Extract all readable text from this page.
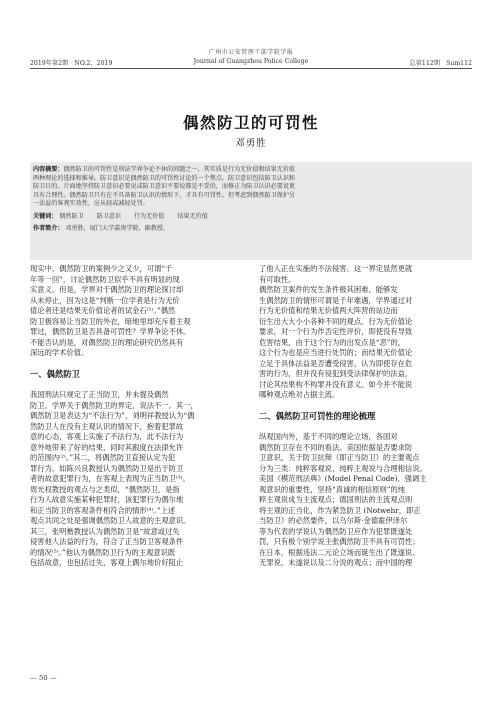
广州市公安管理干部学院学报
2019年第2期　NO.2，2019	Journal of Guangzhou Police College	总第112期　Sum112
偶然防卫的可罚性
邓勇胜
内容摘要：偶然防卫的可罚性是刑法学界争论不休的问题之一，其实质是行为无价值和结果无价值
两种理论的选择和推导。防卫意识是偶然防卫的可罚性讨论的一个焦点。防卫意识包括防卫认识和
防卫目的。片面地坚持防卫意识必要说或防卫意识不要说都是不妥的，而修正为防卫认识必要说更
具有合理性。偶然防卫只有在不具备防卫认识的情形下，才具有可罚性。但考虑到偶然防卫保护另
一法益的客观实效性，应从轻或减轻处罚。
关键词： 偶然防卫 防卫意识 行为无价值 结果无价值
作者简介： 邓勇胜，厦门大学嘉庚学院，副教授。
现实中，偶然防卫的案例少之又少，可谓“千
年等一回”，讨论偶然防卫似乎不具有明显的现
实意义。但是，学界对于偶然防卫的理论探讨却
从未停止，因为这是“判断一位学者是行为无价
值论者还是结果无价值论者的试金石⁽¹⁾。”偶然
防卫极容易让当防卫的外衣，暗地里却充斥着主观
罪过，偶然防卫是否具备可罚性？学界争论不休。
不能否认的是，对偶然防卫的理论研究仍然具有
深远的学术价值。
一、偶然防卫
我国刑法只规定了正当防卫，并未提及偶然
防卫。学界关于偶然防卫的界定，说法不一。其一，
偶然防卫是表达为“不法行为”，刘明祥教授认为“偶
然防卫人在没有主观认识的情况下，抱着犯罪故
意的心态，客观上实施了不法行为，此不法行为
意外地带来了好的结果，同时其跟度在法律允许
的范围内⁽²⁾。”其二，将偶然防卫直接认定为犯
罪行为。如陈兴良教授认为偶然防卫是出于防卫
者的故意犯罪行为，在客观上表现为正当防卫⁽³⁾。
周光权教授的观点与之类似，“偶然防卫，是指
行为人故意实施某种犯罪时，该犯罪行为偶尔地
和正当防卫的客观条件相符合的情形⁽⁴⁾。”上述
观点共同之处是强调偶然防卫人故意的主观意识。
其三，张明楷教授认为偶然防卫是“故意或过失
侵害他人法益的行为，符合了正当防卫客观条件
的情况⁽⁵⁾。”他认为偶然防卫行为的主观意识既
包括故意，也包括过失，客观上偶尔地价好阻止
了他人正在实施的不法侵害。这一界定显然更就
有可取性。
偶然防卫案件的发生条件极其困难，能够发
生偶然防卫的情形可谓是千年难遇，学界通过对
行为无价值和结果无价值两大阵营的站边而
衍生出大大小小各种不同的观点。行为无价值论
要求，对一个行为作否定性评价，即使没有导致
危害结果，由于这个行为的出发点是“恶”的，
这个行为也是应当进行处罚的；而结果无价值论
立足于具体法益是否遭受侵害，认为即使存在危
害的行为，但并没有侵犯到受法律保护的法益，
讨论其结果构不构罪并没有意义。如今并不能说
哪种观点绝对占据主流。
二、偶然防卫可罚性的理论梳理
纵观国内外，基于不同的理论立场，各国对
偶然防卫存在不同的看法。美国依据是否要求防
卫意识，关于防卫抗辩（即正当防卫）的主要观点
分为三类：纯粹客观说、纯粹主观说与合理相信说。
美国《模范刑法典》(Model Penal Code)，强调主
观意识的重要性，坚持“真诚的相信原则”的纯
粹主观说成为主流观点；德国刑法的主流观点则
将主观的正当化，作为紧急防卫 (Notwehr，即正
当防卫）的必然要件，以乌尔斯·金德霍伊泽尔
等为代表的学说认为偶然防卫应作为犯罪既遂处
罚，只有极个别学说主张偶然防卫不具有可罚性；
在日本，根据违法二元论立场而诞生出了既遂说、
无罪说、未遂说以及二分说的观点；而中国的理
— 50 —
